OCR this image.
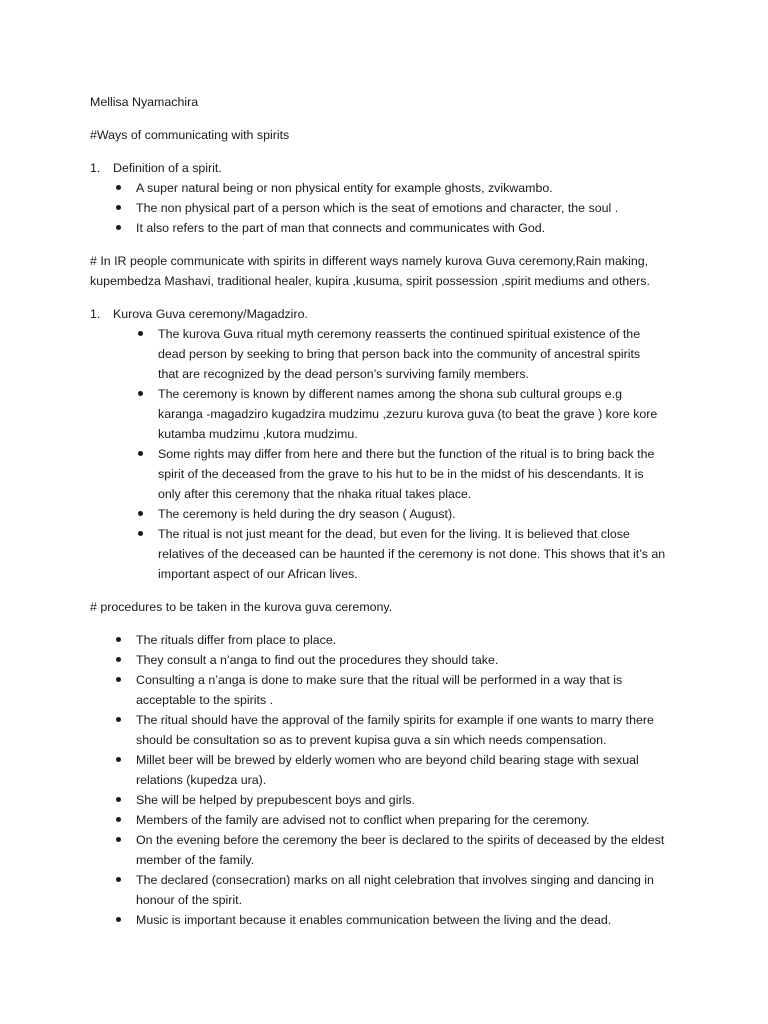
Mellisa Nyamachira
#Ways of communicating with spirits
1.	Definition of a spirit.
A super natural being or non physical entity for example ghosts, zvikwambo.
The non physical part of a person which is the seat of emotions and character, the soul .
It also refers to the part of man that connects and communicates with God.
# In IR people communicate with spirits in different ways namely kurova Guva ceremony,Rain making,
kupembedza Mashavi, traditional healer, kupira ,kusuma, spirit possession ,spirit mediums and others.
1.	Kurova Guva ceremony/Magadziro.
The kurova Guva ritual myth ceremony reasserts the continued spiritual existence of the
dead person by seeking to bring that person back into the community of ancestral spirits
that are recognized by the dead person’s surviving family members.
The ceremony is known by different names among the shona sub cultural groups e.g
karanga -magadziro kugadzira mudzimu ,zezuru kurova guva (to beat the grave ) kore kore
kutamba mudzimu ,kutora mudzimu.
Some rights may differ from here and there but the function of the ritual is to bring back the
spirit of the deceased from the grave to his hut to be in the midst of his descendants. It is
only after this ceremony that the nhaka ritual takes place.
The ceremony is held during the dry season ( August).
The ritual is not just meant for the dead, but even for the living. It is believed that close
relatives of the deceased can be haunted if the ceremony is not done. This shows that it’s an
important aspect of our African lives.
# procedures to be taken in the kurova guva ceremony.
The rituals differ from place to place.
They consult a n’anga to find out the procedures they should take.
Consulting a n’anga is done to make sure that the ritual will be performed in a way that is
acceptable to the spirits .
The ritual should have the approval of the family spirits for example if one wants to marry there
should be consultation so as to prevent kupisa guva a sin which needs compensation.
Millet beer will be brewed by elderly women who are beyond child bearing stage with sexual
relations (kupedza ura).
She will be helped by prepubescent boys and girls.
Members of the family are advised not to conflict when preparing for the ceremony.
On the evening before the ceremony the beer is declared to the spirits of deceased by the eldest
member of the family.
The declared (consecration) marks on all night celebration that involves singing and dancing in
honour of the spirit.
Music is important because it enables communication between the living and the dead.
